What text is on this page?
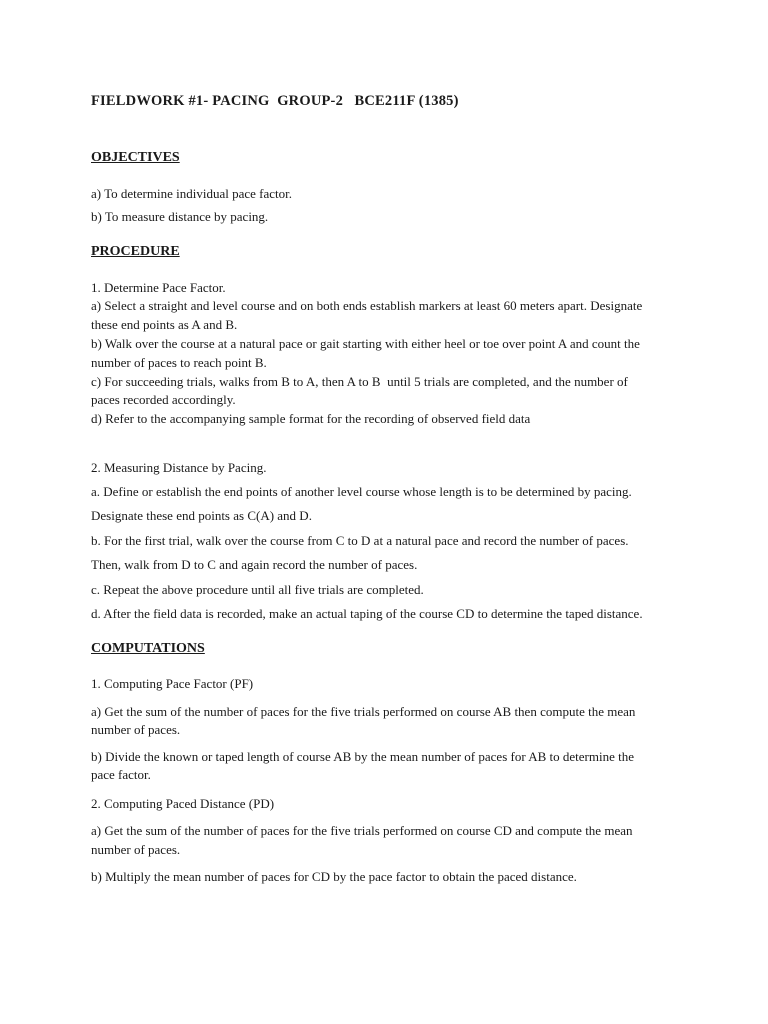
FIELDWORK #1- PACING  GROUP-2   BCE211F (1385)
OBJECTIVES
a) To determine individual pace factor.
b) To measure distance by pacing.
PROCEDURE
1. Determine Pace Factor.
a) Select a straight and level course and on both ends establish markers at least 60 meters apart. Designate
these end points as A and B.
b) Walk over the course at a natural pace or gait starting with either heel or toe over point A and count the
number of paces to reach point B.
c) For succeeding trials, walks from B to A, then A to B  until 5 trials are completed, and the number of
paces recorded accordingly.
d) Refer to the accompanying sample format for the recording of observed field data
2. Measuring Distance by Pacing.
a. Define or establish the end points of another level course whose length is to be determined by pacing.
Designate these end points as C(A) and D.
b. For the first trial, walk over the course from C to D at a natural pace and record the number of paces.
Then, walk from D to C and again record the number of paces.
c. Repeat the above procedure until all five trials are completed.
d. After the field data is recorded, make an actual taping of the course CD to determine the taped distance.
COMPUTATIONS
1. Computing Pace Factor (PF)
a) Get the sum of the number of paces for the five trials performed on course AB then compute the mean
number of paces.
b) Divide the known or taped length of course AB by the mean number of paces for AB to determine the
pace factor.
2. Computing Paced Distance (PD)
a) Get the sum of the number of paces for the five trials performed on course CD and compute the mean
number of paces.
b) Multiply the mean number of paces for CD by the pace factor to obtain the paced distance.
